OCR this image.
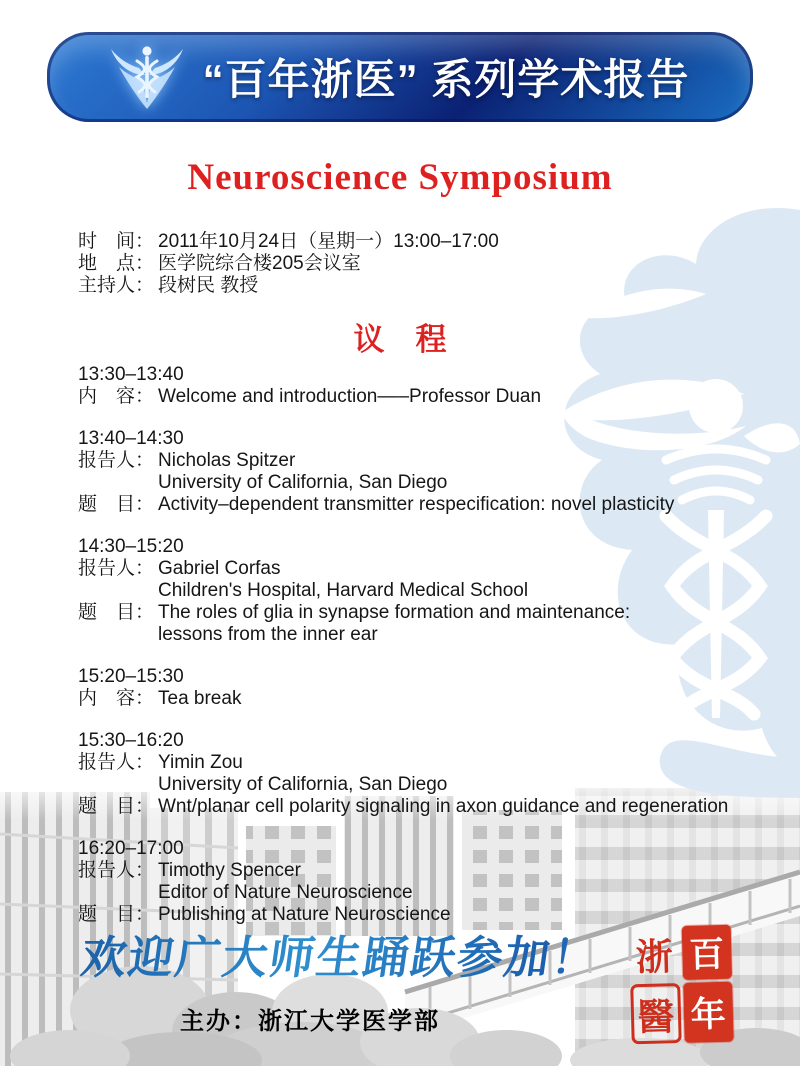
“百年浙医” 系列学术报告
Neuroscience Symposium
时　间： 2011年10月24日（星期一）13:00–17:00
地　点： 医学院综合楼205会议室
主持人： 段树民 教授
议　程
13:30–13:40
内　容： Welcome and introduction–––Professor Duan
13:40–14:30
报告人： Nicholas Spitzer
University of California, San Diego
题　目： Activity–dependent transmitter respecification: novel plasticity
14:30–15:20
报告人： Gabriel Corfas
Children's Hospital, Harvard Medical School
题　目： The roles of glia in synapse formation and maintenance:
lessons from the inner ear
15:20–15:30
内　容： Tea break
15:30–16:20
报告人： Yimin Zou
University of California, San Diego
题　目： Wnt/planar cell polarity signaling in axon guidance and regeneration
16:20–17:00
报告人： Timothy Spencer
Editor of Nature Neuroscience
题　目： Publishing at Nature Neuroscience
欢迎广大师生踊跃参加！
主办：浙江大学医学部
浙
醫
百
年
